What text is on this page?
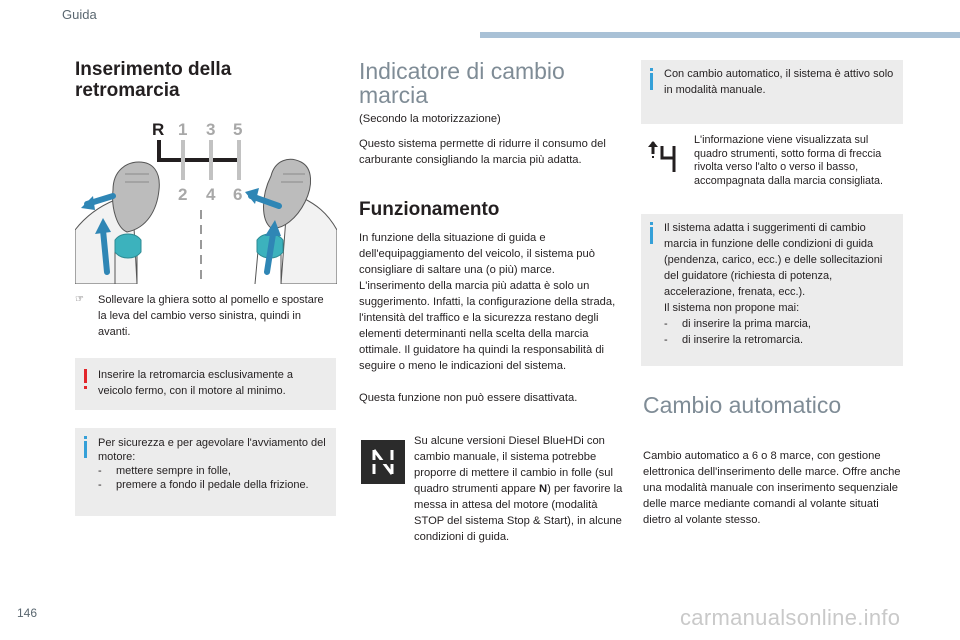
Guida
146	carmanualsonline.info
Inserimento della retromarcia
R 1 3 5
2 4 6
☞ Sollevare la ghiera sotto al pomello e spostare la leva del cambio verso sinistra, quindi in avanti.

Inserire la retromarcia esclusivamente a veicolo fermo, con il motore al minimo.
Per sicurezza e per agevolare l'avviamento del motore:
-	mettere sempre in folle,
-	premere a fondo il pedale della frizione.
Indicatore di cambio marcia

(Secondo la motorizzazione)

Questo sistema permette di ridurre il consumo del carburante consigliando la marcia più adatta.

Funzionamento

In funzione della situazione di guida e dell'equipaggiamento del veicolo, il sistema può consigliare di saltare una (o più) marce. L'inserimento della marcia più adatta è solo un suggerimento. Infatti, la configurazione della strada, l'intensità del traffico e la sicurezza restano degli elementi determinanti nella scelta della marcia ottimale. Il guidatore ha quindi la responsabilità di seguire o meno le indicazioni del sistema.

Questa funzione non può essere disattivata.

Su alcune versioni Diesel BlueHDi con cambio manuale, il sistema potrebbe proporre di mettere il cambio in folle (sul quadro strumenti appare N) per favorire la messa in attesa del motore (modalità STOP del sistema Stop & Start), in alcune condizioni di guida.

Con cambio automatico, il sistema è attivo solo in modalità manuale.

L'informazione viene visualizzata sul quadro strumenti, sotto forma di freccia rivolta verso l'alto o verso il basso, accompagnata dalla marcia consigliata.

Il sistema adatta i suggerimenti di cambio marcia in funzione delle condizioni di guida (pendenza, carico, ecc.) e delle sollecitazioni del guidatore (richiesta di potenza, accelerazione, frenata, ecc.).
Il sistema non propone mai:
-	di inserire la prima marcia,
-	di inserire la retromarcia.
Cambio automatico

Cambio automatico a 6 o 8 marce, con gestione elettronica dell'inserimento delle marce. Offre anche una modalità manuale con inserimento sequenziale delle marce mediante comandi al volante situati dietro al volante stesso.
